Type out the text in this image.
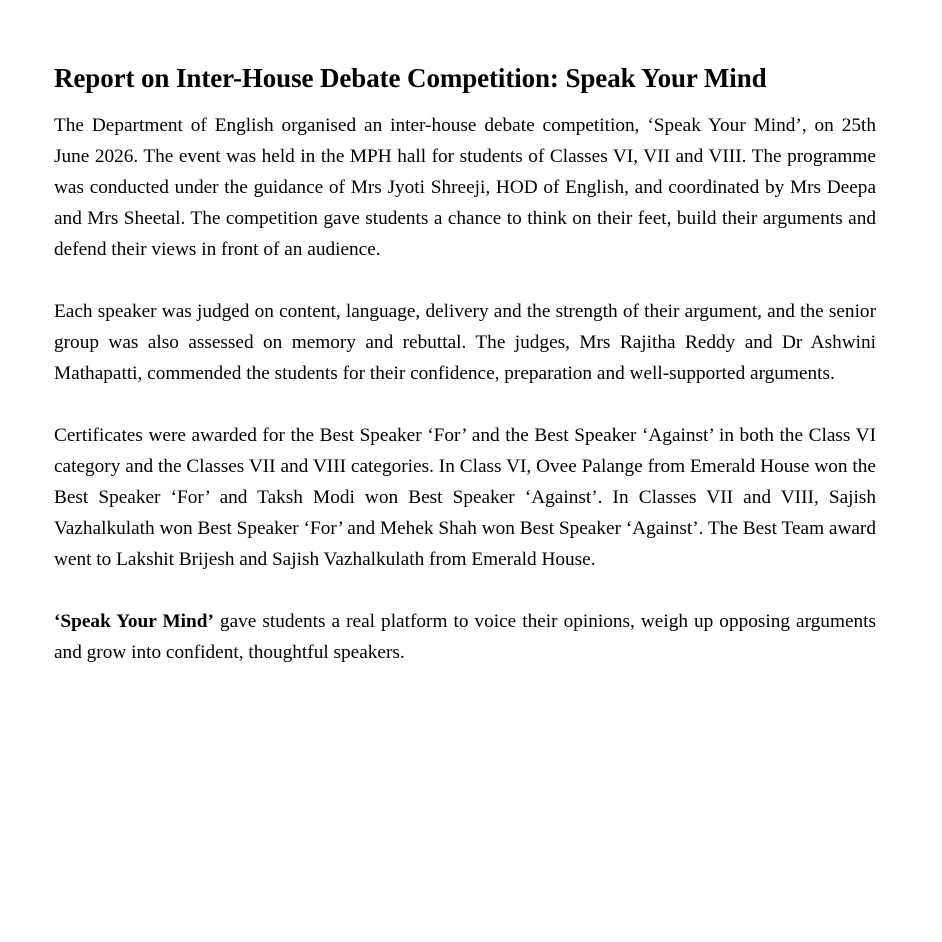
Report on Inter-House Debate Competition: Speak Your Mind

The Department of English organised an inter-house debate competition, ‘Speak Your Mind’, on 25th June 2026. The event was held in the MPH hall for students of Classes VI, VII and VIII. The programme was conducted under the guidance of Mrs Jyoti Shreeji, HOD of English, and coordinated by Mrs Deepa and Mrs Sheetal. The competition gave students a chance to think on their feet, build their arguments and defend their views in front of an audience.

Each speaker was judged on content, language, delivery and the strength of their argument, and the senior group was also assessed on memory and rebuttal. The judges, Mrs Rajitha Reddy and Dr Ashwini Mathapatti, commended the students for their confidence, preparation and well-supported arguments.

Certificates were awarded for the Best Speaker ‘For’ and the Best Speaker ‘Against’ in both the Class VI category and the Classes VII and VIII categories. In Class VI, Ovee Palange from Emerald House won the Best Speaker ‘For’ and Taksh Modi won Best Speaker ‘Against’. In Classes VII and VIII, Sajish Vazhalkulath won Best Speaker ‘For’ and Mehek Shah won Best Speaker ‘Against’. The Best Team award went to Lakshit Brijesh and Sajish Vazhalkulath from Emerald House.

‘Speak Your Mind’ gave students a real platform to voice their opinions, weigh up opposing arguments and grow into confident, thoughtful speakers.
